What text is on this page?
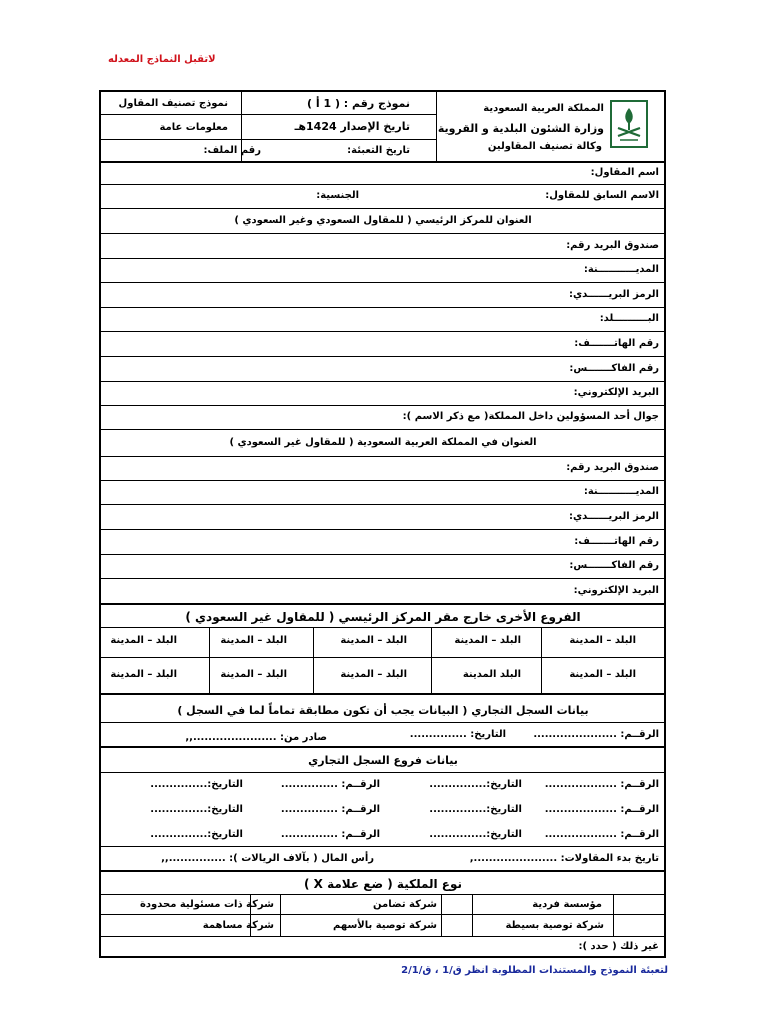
لاتقبل النماذج المعدله
المملكة العربية السعودية
وزارة الشئون البلدية و القروية
وكالة تصنيف المقاولين
نموذج رقم : ( 1 أ )
تاريخ الإصدار 1424هـ
تاريخ التعبئة:
نموذج تصنيف المقاول
معلومات عامة
رقم الملف:
اسم المقاول:
الاسم السابق للمقاول:
الجنسية:
العنوان للمركز الرئيسي ( للمقاول السعودي وغير السعودي )
صندوق البريد رقم:
المديـــــــــــنة:
الرمز البريــــــدي:
البــــــــــلد:
رقم الهاتـــــــف:
رقم الفاكـــــــس:
البريد الإلكتروني:
جوال أحد المسؤولين داخل المملكة( مع ذكر الاسم ):
العنوان في المملكة العربية السعودية ( للمقاول غير السعودي )
صندوق البريد رقم:
المديـــــــــــنة:
الرمز البريــــــدي:
رقم الهاتـــــــف:
رقم الفاكـــــــس:
البريد الإلكتروني:
الفروع الأخرى خارج مقر المركز الرئيسي ( للمقاول غير السعودي )
البلد – المدينة
البلد – المدينة
البلد – المدينة
البلد – المدينة
البلد – المدينة
البلد – المدينة
البلد المدينة
البلد – المدينة
البلد – المدينة
البلد – المدينة
بيانات السجل التجاري ( البيانات يجب أن تكون مطابقة تماماً لما في السجل )
الرقــم: ......................
التاريخ: ...............
صادر من: ......................,,
بيانات فروع السجل التجاري
الرقــم: ...................
التاريخ:...............
الرقــم: ...............
التاريخ:...............
الرقــم: ...................
التاريخ:...............
الرقــم: ...............
التاريخ:...............
الرقــم: ...................
التاريخ:...............
الرقــم: ...............
التاريخ:...............
تاريخ بدء المقاولات: ......................,
رأس المال ( بآلاف الريالات ): ...............,,
نوع الملكية ( ضع علامة X )
مؤسسة فردية
شركة تضامن
شركة ذات مسئولية محدودة
شركة توصية بسيطة
شركة توصية بالأسهم
شركة مساهمة
غير ذلك ( حدد ):
لتعبئة النموذج والمستندات المطلوبة انظر ق/1 ، ق/2/1
